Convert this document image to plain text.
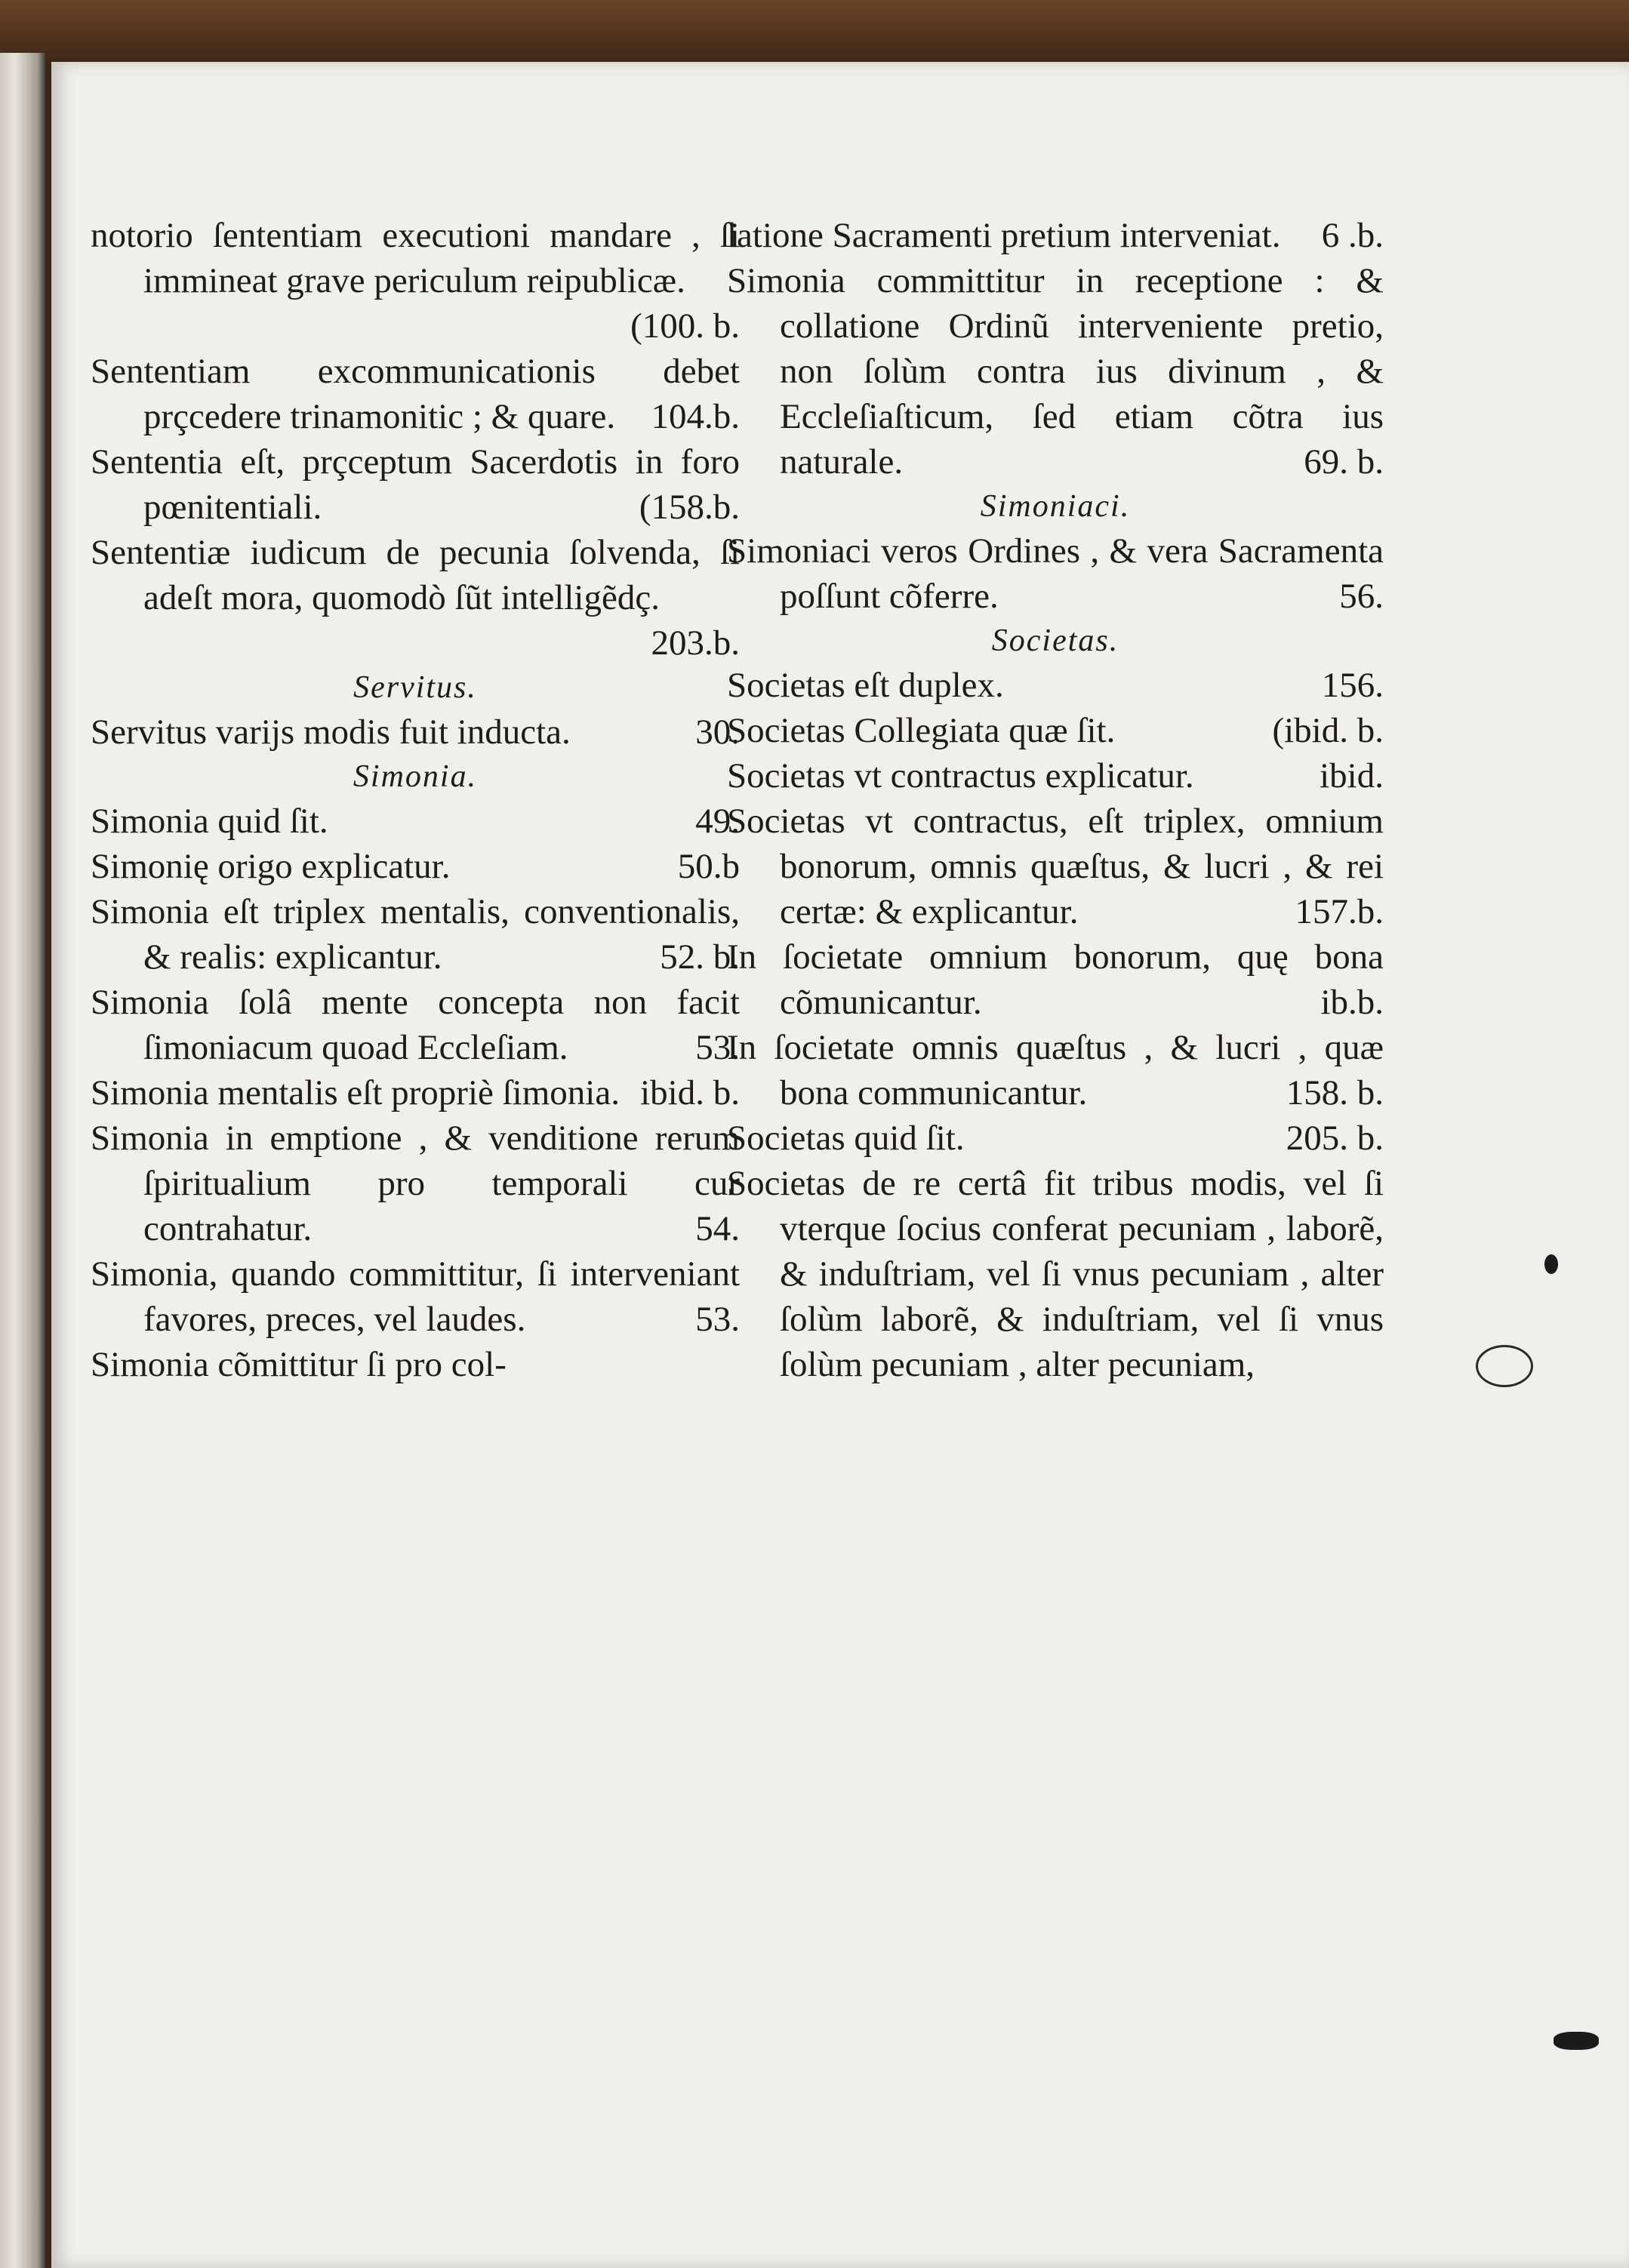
notorio ſententiam executioni mandare , ſi immineat grave periculum reipublicæ.
(100. b.

Sententiam excommunicationis debet prçcedere trinamonitic ; & quare. 104.b.

Sententia eſt, prçceptum Sacerdotis in foro pœnitentiali.	(158.b.

Sententiæ iudicum de pecunia ſolvenda, ſi adeſt mora, quomodò ſũt intelligẽdç.
203.b.

Servitus.

Servitus varijs modis fuit inducta.	30.

Simonia.

Simonia quid ſit.	49.

Simonię origo explicatur.	50.b

Simonia eſt triplex mentalis, conventionalis, & realis: explicantur.	52. b.

Simonia ſolâ mente concepta non facit ſimoniacum quoad Eccleſiam.	53.

Simonia mentalis eſt propriè ſimonia. ibid. b.

Simonia in emptione , & venditione rerum ſpiritualium pro temporali cur contrahatur.	54.

Simonia, quando committitur, ſi interveniant favores, preces, vel laudes.	53.

Simonia cõmittitur ſi pro col-

latione Sacramenti pretium interveniat. 6 .b.

Simonia committitur in receptione : & collatione Ordinũ interveniente pretio, non ſolùm contra ius divinum , & Eccleſiaſticum, ſed etiam cõtra ius naturale.	69. b.

Simoniaci.

Simoniaci veros Ordines , & vera Sacramenta poſſunt cõferre.	56.

Societas.

Societas eſt duplex.	156.

Societas Collegiata quæ ſit.	(ibid. b.

Societas vt contractus explicatur.	ibid.

Societas vt contractus, eſt triplex, omnium bonorum, omnis quæſtus, & lucri , & rei certæ: & explicantur.	157.b.

In ſocietate omnium bonorum, quę bona cõmunicantur.	ib.b.

In ſocietate omnis quæſtus , & lucri , quæ bona communicantur.	158. b.

Societas quid ſit.	205. b.

Societas de re certâ fit tribus modis, vel ſi vterque ſocius conferat pecuniam , laborẽ, & induſtriam, vel ſi vnus pecuniam , alter ſolùm laborẽ, & induſtriam, vel ſi vnus ſolùm pecuniam , alter pecuniam,
